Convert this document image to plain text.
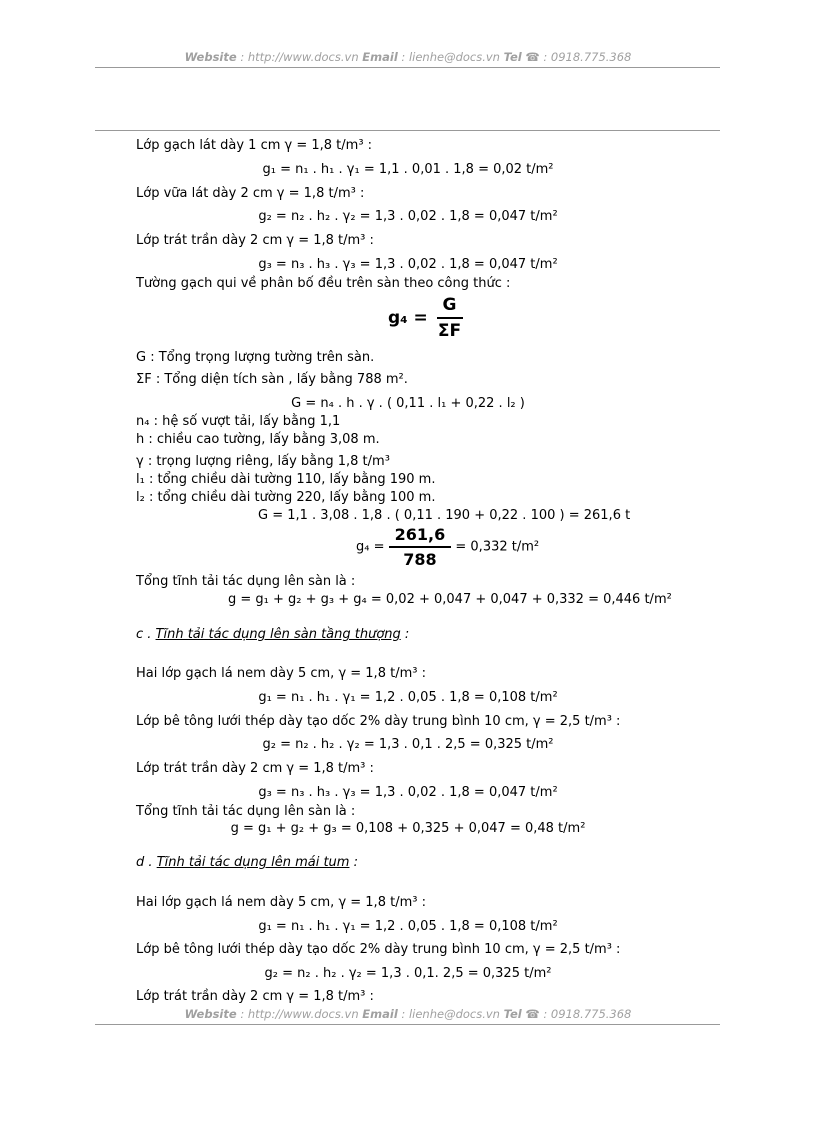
Website : http://www.docs.vn Email : lienhe@docs.vn Tel ☎ : 0918.775.368
Lớp gạch lát dày 1 cm γ = 1,8 t/m³ :
g₁ = n₁ . h₁ . γ₁ = 1,1 . 0,01 . 1,8 = 0,02 t/m²
Lớp vữa lát dày 2 cm γ = 1,8 t/m³ :
g₂ = n₂ . h₂ . γ₂ = 1,3 . 0,02 . 1,8 = 0,047 t/m²
Lớp trát trần dày 2 cm γ = 1,8 t/m³ :
g₃ = n₃ . h₃ . γ₃ = 1,3 . 0,02 . 1,8 = 0,047 t/m²
Tường gạch qui về phân bố đều trên sàn theo công thức :
$g_4 = \frac{G}{\Sigma F}$
G : Tổng trọng lượng tường trên sàn.
ΣF : Tổng diện tích sàn , lấy bằng 788 m².
G = n₄ . h . γ . ( 0,11 . l₁ + 0,22 . l₂ )
n₄ : hệ số vượt tải, lấy bằng 1,1
h : chiều cao tường, lấy bằng 3,08 m.
γ : trọng lượng riêng, lấy bằng 1,8 t/m³
l₁ : tổng chiều dài tường 110, lấy bằng 190 m.
l₂ : tổng chiều dài tường 220, lấy bằng 100 m.
G = 1,1 . 3,08 . 1,8 . ( 0,11 . 190 + 0,22 . 100 ) = 261,6 t
$g_4 = \frac{261,6}{788} = 0,332$ t/m²
Tổng tĩnh tải tác dụng lên sàn là :
g = g₁ + g₂ + g₃ + g₄ = 0,02 + 0,047 + 0,047 + 0,332 = 0,446 t/m²
c . Tĩnh tải tác dụng lên sàn tầng thượng :
Hai lớp gạch lá nem dày 5 cm, γ = 1,8 t/m³ :
g₁ = n₁ . h₁ . γ₁ = 1,2 . 0,05 . 1,8 = 0,108 t/m²
Lớp bê tông lưới thép dày tạo dốc 2% dày trung bình 10 cm, γ = 2,5 t/m³ :
g₂ = n₂ . h₂ . γ₂ = 1,3 . 0,1 . 2,5 = 0,325 t/m²
Lớp trát trần dày 2 cm γ = 1,8 t/m³ :
g₃ = n₃ . h₃ . γ₃ = 1,3 . 0,02 . 1,8 = 0,047 t/m²
Tổng tĩnh tải tác dụng lên sàn là :
g = g₁ + g₂ + g₃ = 0,108 + 0,325 + 0,047 = 0,48 t/m²
d . Tĩnh tải tác dụng lên mái tum :
Hai lớp gạch lá nem dày 5 cm, γ = 1,8 t/m³ :
g₁ = n₁ . h₁ . γ₁ = 1,2 . 0,05 . 1,8 = 0,108 t/m²
Lớp bê tông lưới thép dày tạo dốc 2% dày trung bình 10 cm, γ = 2,5 t/m³ :
g₂ = n₂ . h₂ . γ₂ = 1,3 . 0,1. 2,5 = 0,325 t/m²
Lớp trát trần dày 2 cm γ = 1,8 t/m³ :
Website : http://www.docs.vn Email : lienhe@docs.vn Tel ☎ : 0918.775.368
